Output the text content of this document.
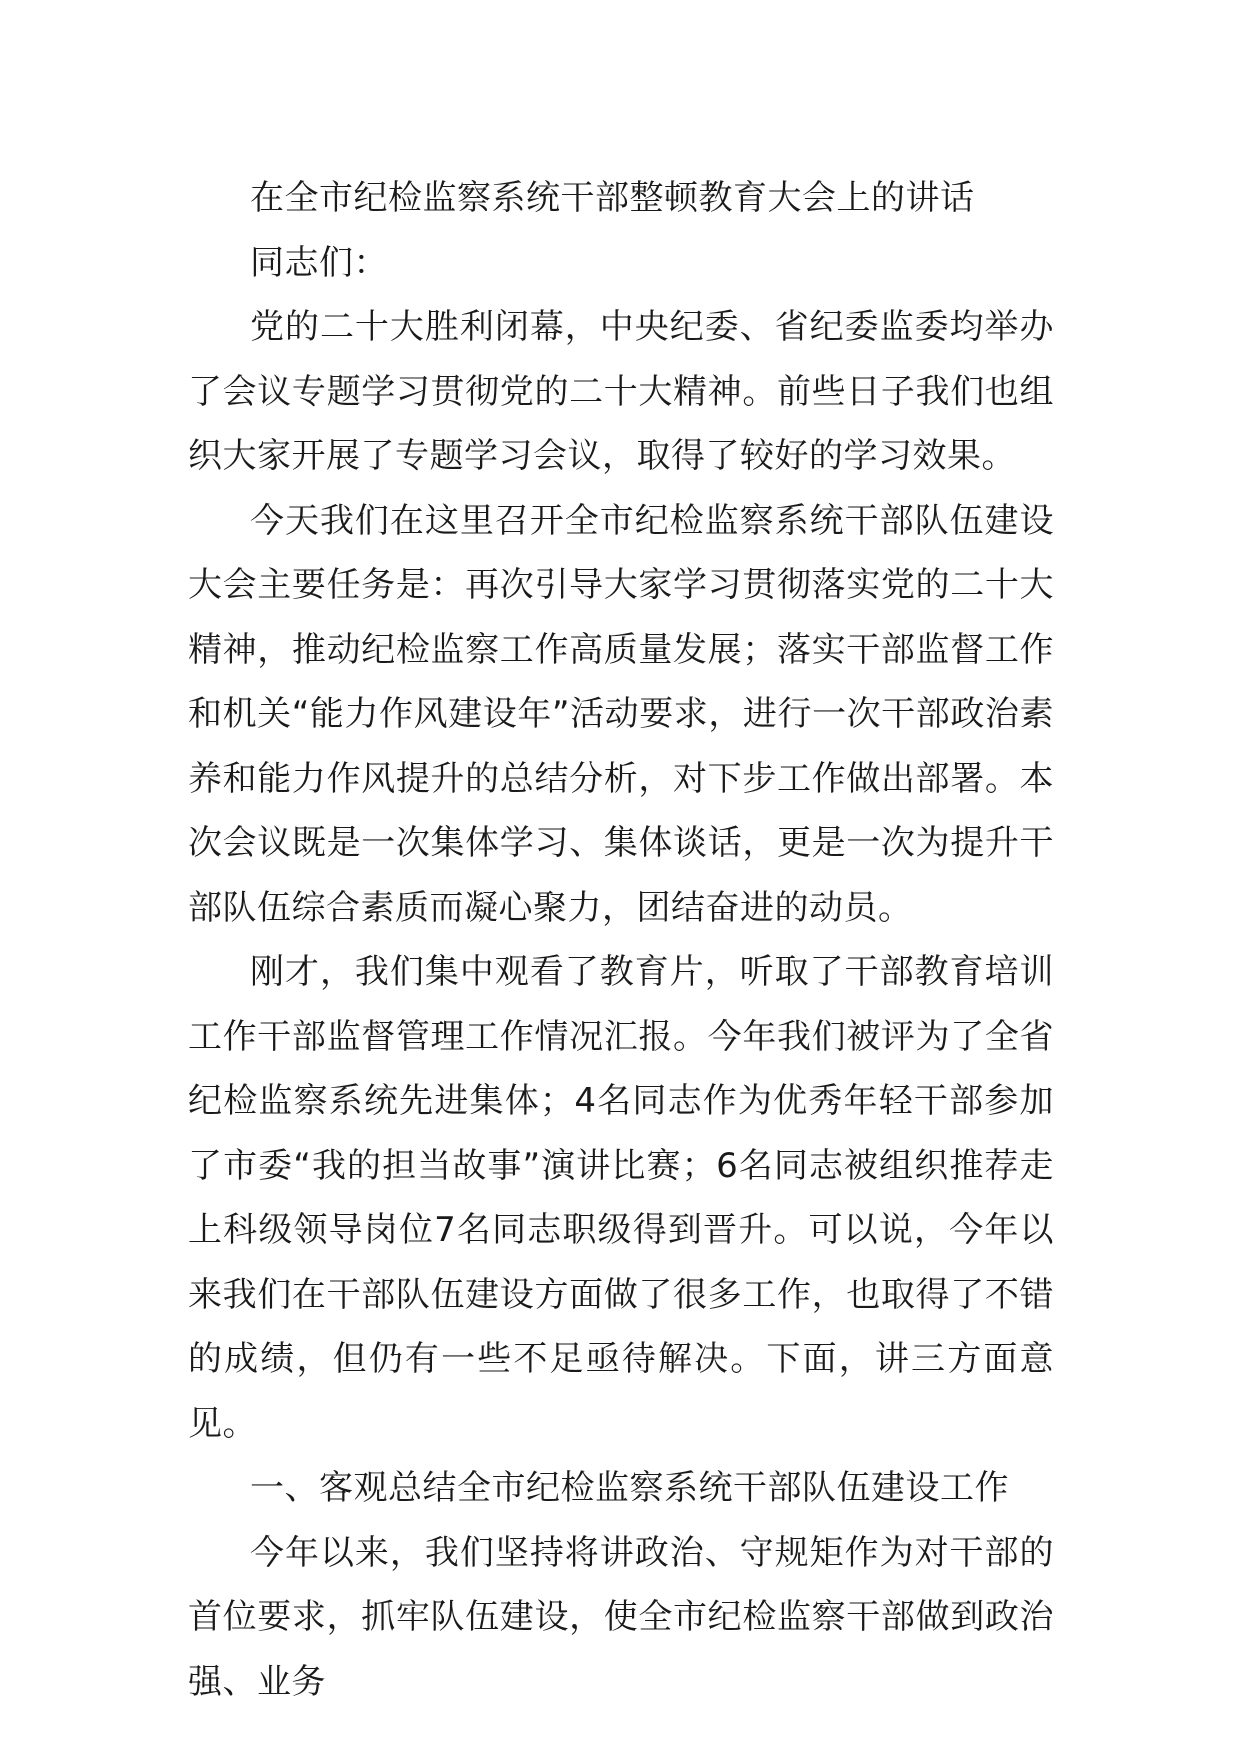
在全市纪检监察系统干部整顿教育大会上的讲话

同志们：

党的二十大胜利闭幕，中央纪委、省纪委监委均举办了会议专题学习贯彻党的二十大精神。前些日子我们也组织大家开展了专题学习会议，取得了较好的学习效果。

今天我们在这里召开全市纪检监察系统干部队伍建设大会主要任务是：再次引导大家学习贯彻落实党的二十大精神，推动纪检监察工作高质量发展；落实干部监督工作和机关“能力作风建设年”活动要求，进行一次干部政治素养和能力作风提升的总结分析，对下步工作做出部署。本次会议既是一次集体学习、集体谈话，更是一次为提升干部队伍综合素质而凝心聚力，团结奋进的动员。

刚才，我们集中观看了教育片，听取了干部教育培训工作干部监督管理工作情况汇报。今年我们被评为了全省纪检监察系统先进集体；4名同志作为优秀年轻干部参加了市委“我的担当故事”演讲比赛；6名同志被组织推荐走上科级领导岗位7名同志职级得到晋升。可以说，今年以来我们在干部队伍建设方面做了很多工作，也取得了不错的成绩，但仍有一些不足亟待解决。下面，讲三方面意见。

一、客观总结全市纪检监察系统干部队伍建设工作

今年以来，我们坚持将讲政治、守规矩作为对干部的首位要求，抓牢队伍建设，使全市纪检监察干部做到政治强、业务
